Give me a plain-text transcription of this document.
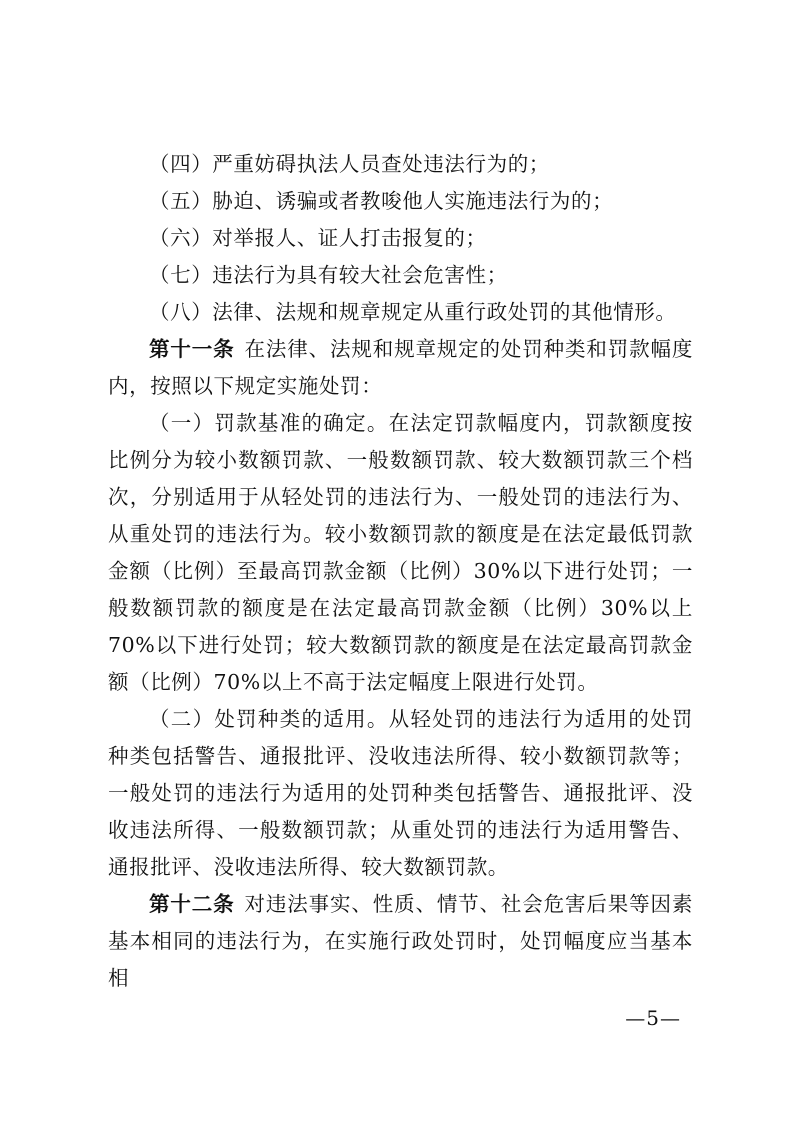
（四）严重妨碍执法人员查处违法行为的；

（五）胁迫、诱骗或者教唆他人实施违法行为的；

（六）对举报人、证人打击报复的；

（七）违法行为具有较大社会危害性；

（八）法律、法规和规章规定从重行政处罚的其他情形。

第十一条 在法律、法规和规章规定的处罚种类和罚款幅度内，按照以下规定实施处罚：

（一）罚款基准的确定。在法定罚款幅度内，罚款额度按比例分为较小数额罚款、一般数额罚款、较大数额罚款三个档次，分别适用于从轻处罚的违法行为、一般处罚的违法行为、从重处罚的违法行为。较小数额罚款的额度是在法定最低罚款金额（比例）至最高罚款金额（比例）30%以下进行处罚；一般数额罚款的额度是在法定最高罚款金额（比例）30%以上 70%以下进行处罚；较大数额罚款的额度是在法定最高罚款金额（比例）70%以上不高于法定幅度上限进行处罚。

（二）处罚种类的适用。从轻处罚的违法行为适用的处罚种类包括警告、通报批评、没收违法所得、较小数额罚款等；一般处罚的违法行为适用的处罚种类包括警告、通报批评、没收违法所得、一般数额罚款；从重处罚的违法行为适用警告、通报批评、没收违法所得、较大数额罚款。

第十二条 对违法事实、性质、情节、社会危害后果等因素基本相同的违法行为，在实施行政处罚时，处罚幅度应当基本相

—5—
